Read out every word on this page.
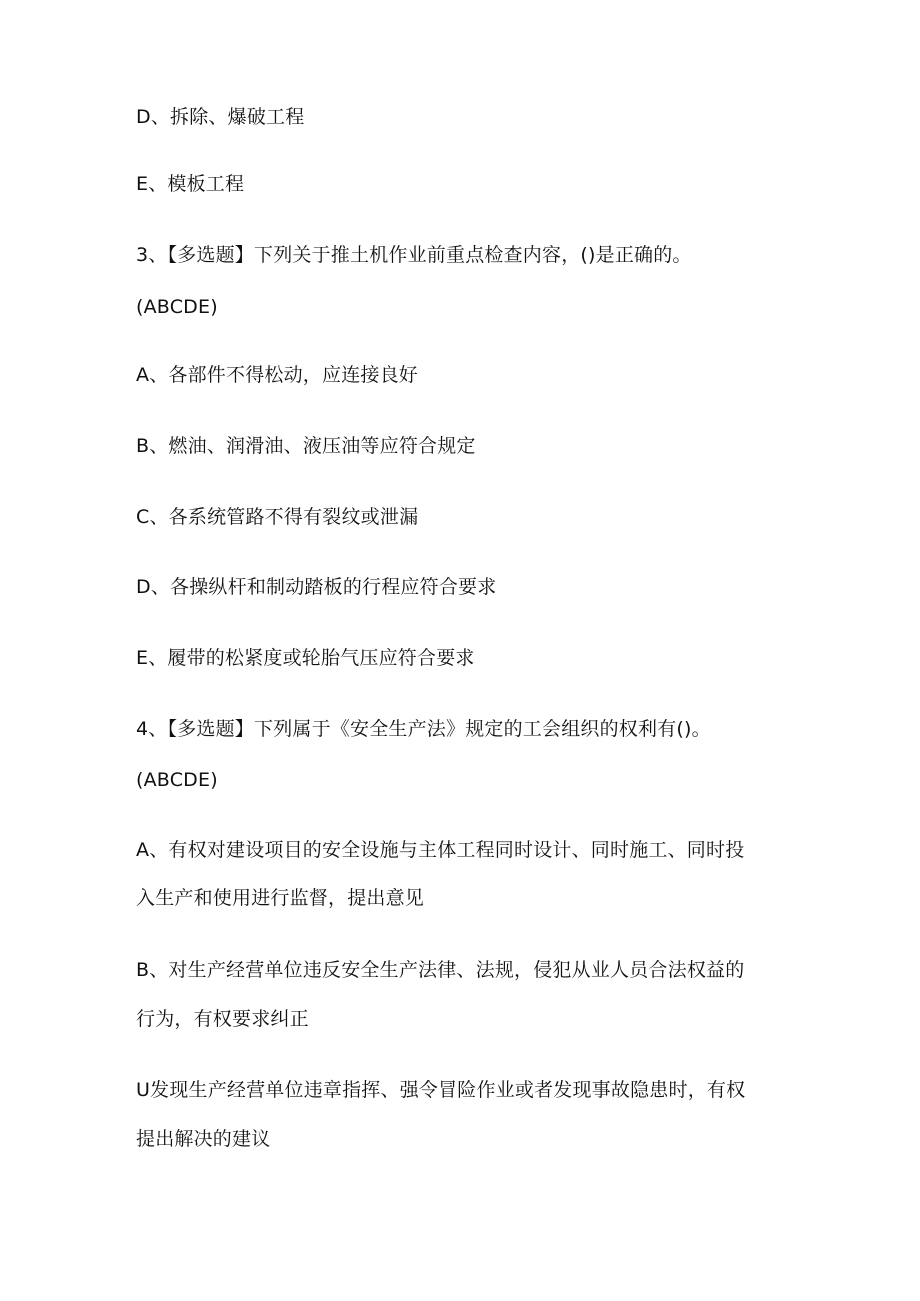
D、拆除、爆破工程

E、模板工程

3、【多选题】下列关于推土机作业前重点检查内容，()是正确的。

(ABCDE)

A、各部件不得松动，应连接良好

B、燃油、润滑油、液压油等应符合规定

C、各系统管路不得有裂纹或泄漏

D、各操纵杆和制动踏板的行程应符合要求

E、履带的松紧度或轮胎气压应符合要求

4、【多选题】下列属于《安全生产法》规定的工会组织的权利有()。

(ABCDE)

A、有权对建设项目的安全设施与主体工程同时设计、同时施工、同时投

入生产和使用进行监督，提出意见

B、对生产经营单位违反安全生产法律、法规，侵犯从业人员合法权益的

行为，有权要求纠正

U发现生产经营单位违章指挥、强令冒险作业或者发现事故隐患时，有权

提出解决的建议
